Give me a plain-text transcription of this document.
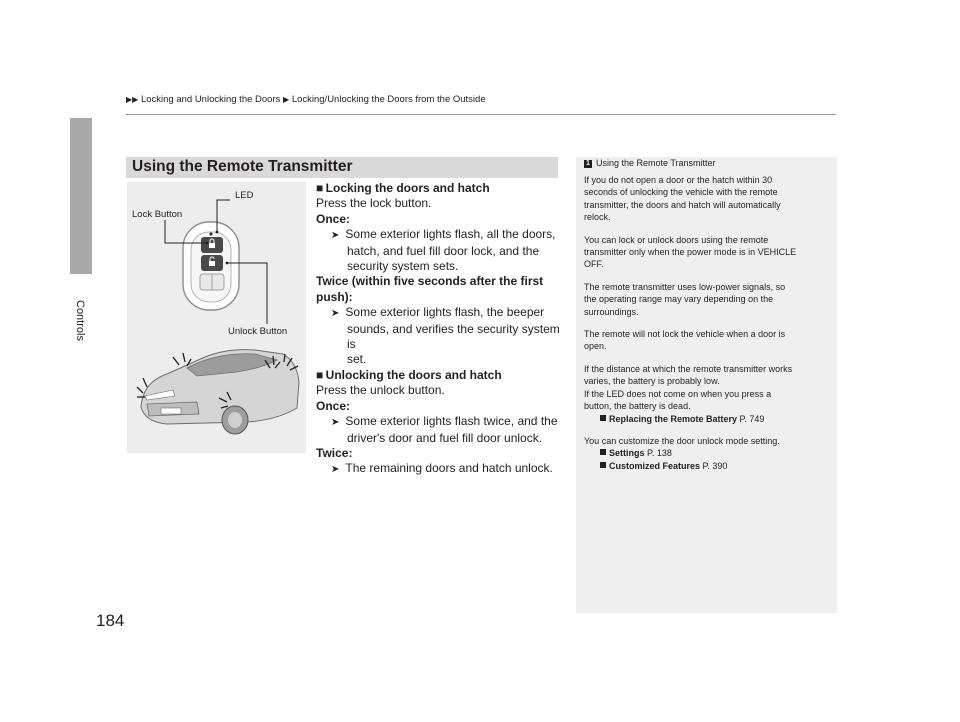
▶▶ Locking and Unlocking the Doors ▶ Locking/Unlocking the Doors from the Outside
Controls
184
Using the Remote Transmitter
LED
Lock Button
Unlock Button
■ Locking the doors and hatch
Press the lock button.
Once:
➤ Some exterior lights flash, all the doors,
hatch, and fuel fill door lock, and the
security system sets.
Twice (within five seconds after the first
push):
➤ Some exterior lights flash, the beeper
sounds, and verifies the security system is
set.
■ Unlocking the doors and hatch
Press the unlock button.
Once:
➤ Some exterior lights flash twice, and the
driver's door and fuel fill door unlock.
Twice:
➤ The remaining doors and hatch unlock.
1 Using the Remote Transmitter
If you do not open a door or the hatch within 30
seconds of unlocking the vehicle with the remote
transmitter, the doors and hatch will automatically
relock.
You can lock or unlock doors using the remote
transmitter only when the power mode is in VEHICLE
OFF.
The remote transmitter uses low-power signals, so
the operating range may vary depending on the
surroundings.
The remote will not lock the vehicle when a door is
open.
If the distance at which the remote transmitter works
varies, the battery is probably low.
If the LED does not come on when you press a
button, the battery is dead.
Replacing the Remote Battery P. 749
You can customize the door unlock mode setting.
Settings P. 138
Customized Features P. 390
